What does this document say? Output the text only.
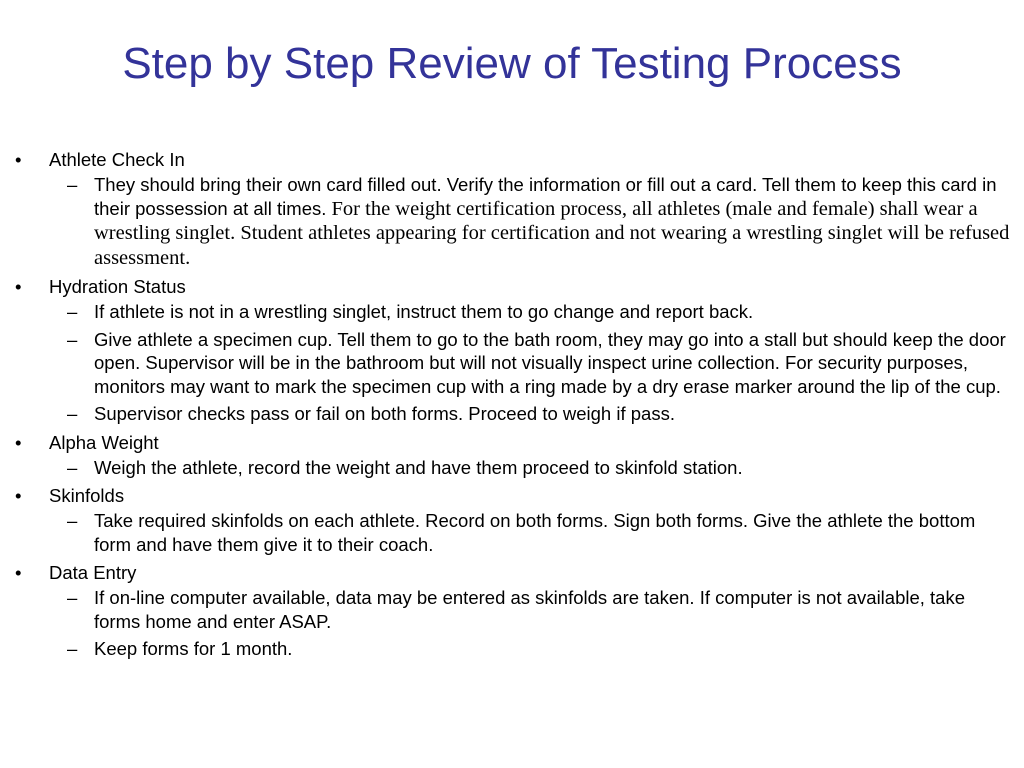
Step by Step Review of Testing Process
• Athlete Check In
– They should bring their own card filled out. Verify the information or fill out a card. Tell them to keep this card in their possession at all times. For the weight certification process, all athletes (male and female) shall wear a wrestling singlet. Student athletes appearing for certification and not wearing a wrestling singlet will be refused assessment.
• Hydration Status
– If athlete is not in a wrestling singlet, instruct them to go change and report back.
– Give athlete a specimen cup. Tell them to go to the bath room, they may go into a stall but should keep the door open. Supervisor will be in the bathroom but will not visually inspect urine collection. For security purposes, monitors may want to mark the specimen cup with a ring made by a dry erase marker around the lip of the cup.
– Supervisor checks pass or fail on both forms. Proceed to weigh if pass.
• Alpha Weight
– Weigh the athlete, record the weight and have them proceed to skinfold station.
• Skinfolds
– Take required skinfolds on each athlete. Record on both forms. Sign both forms. Give the athlete the bottom form and have them give it to their coach.
• Data Entry
– If on-line computer available, data may be entered as skinfolds are taken. If computer is not available, take forms home and enter ASAP.
– Keep forms for 1 month.
